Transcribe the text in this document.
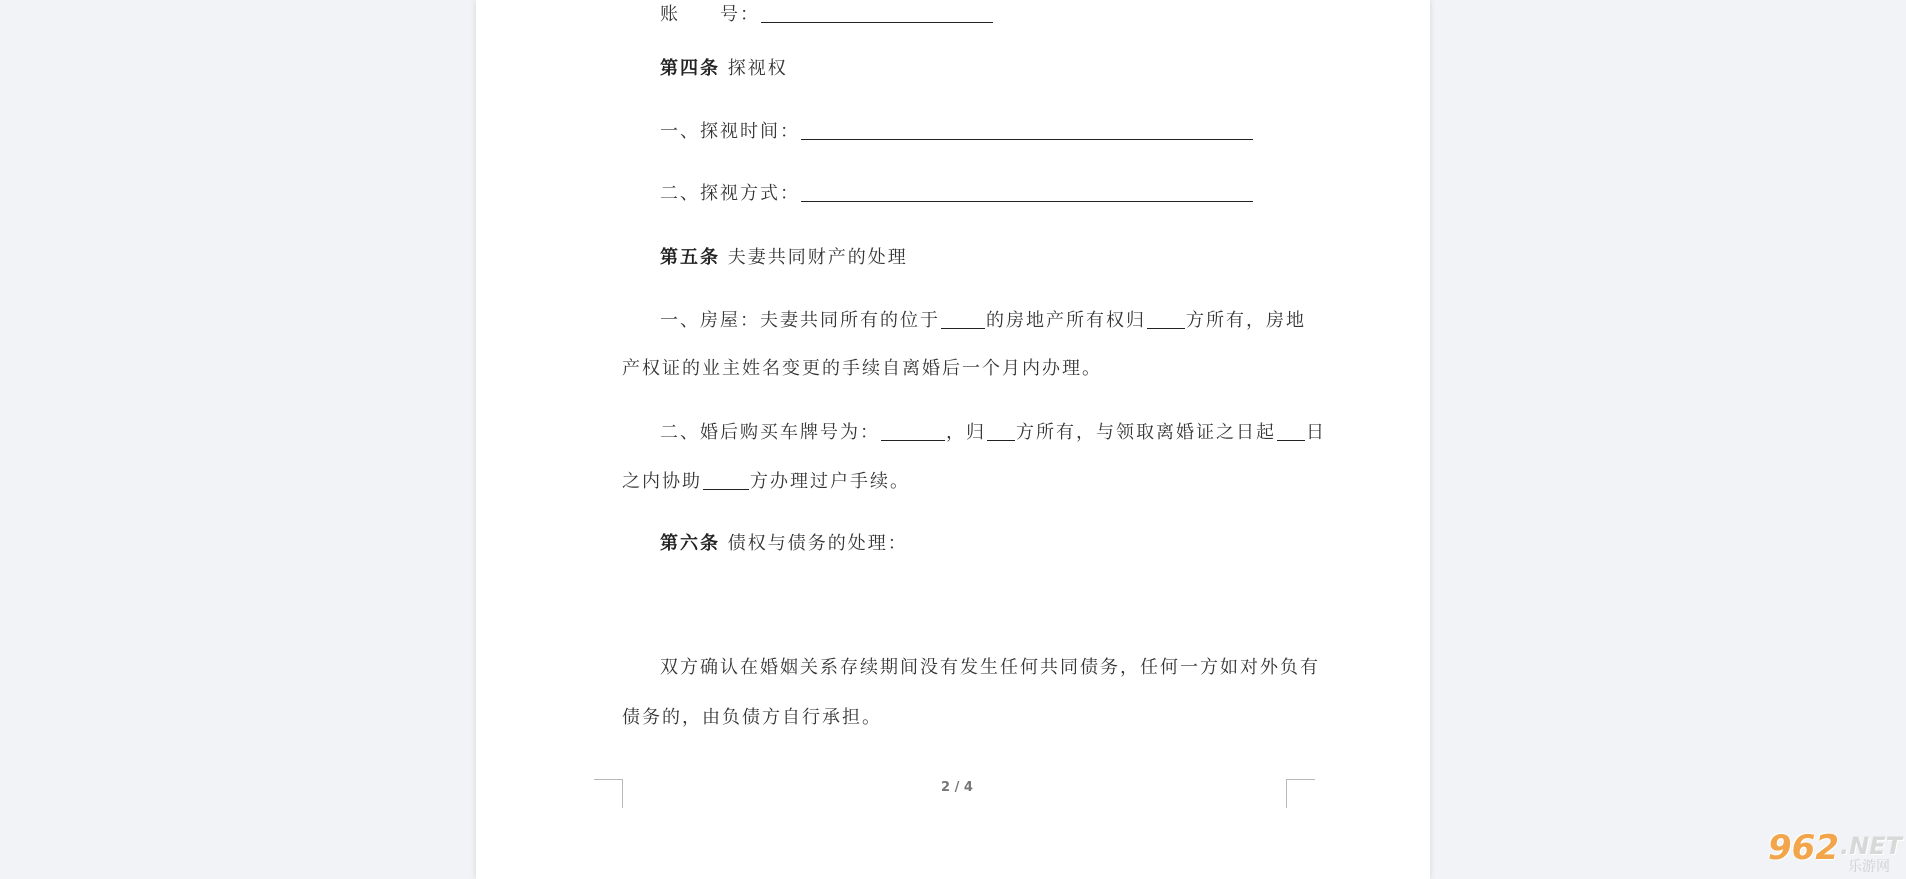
账　　号：
第四条 探视权
一、探视时间：
二、探视方式：
第五条 夫妻共同财产的处理
一、房屋：夫妻共同所有的位于	的房地产所有权归 方所有，房地
产权证的业主姓名变更的手续自离婚后一个月内办理。
二、婚后购买车牌号为：	，归 方所有，与领取离婚证之日起 日
之内协助	方办理过户手续。
第六条 债权与债务的处理：
双方确认在婚姻关系存续期间没有发生任何共同债务，任何一方如对外负有
债务的，由负债方自行承担。
2 / 4
962 .NET
乐游网
